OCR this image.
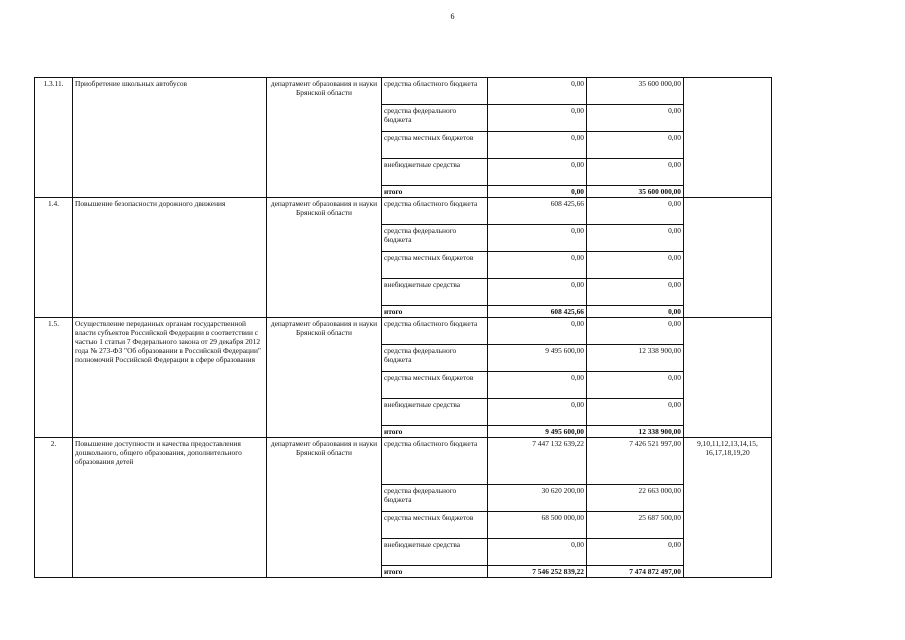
6
1.3.11.	Приобретение школьных автобусов	департамент образования и науки Брянской области	средства областного бюджета	0,00	35 600 000,00	
			средства федерального бюджета	0,00	0,00	
			средства местных бюджетов	0,00	0,00	
			внебюджетные средства	0,00	0,00	
			итого	0,00	35 600 000,00	
1.4.	Повышение безопасности дорожного движения	департамент образования и науки Брянской области	средства областного бюджета	608 425,66	0,00	
			средства федерального бюджета	0,00	0,00	
			средства местных бюджетов	0,00	0,00	
			внебюджетные средства	0,00	0,00	
			итого	608 425,66	0,00	
1.5.	Осуществление переданных органам государственной власти субъектов Российской Федерации в соответствии с частью 1 статьи 7 Федерального закона от 29 декабря 2012 года № 273-ФЗ "Об образовании в Российской Федерации" полномочий Российской Федерации в сфере образования	департамент образования и науки Брянской области	средства областного бюджета	0,00	0,00	
			средства федерального бюджета	9 495 600,00	12 338 900,00	
			средства местных бюджетов	0,00	0,00	
			внебюджетные средства	0,00	0,00	
			итого	9 495 600,00	12 338 900,00	
2.	Повышение доступности и качества предоставления дошкольного, общего образования, дополнительного образования детей	департамент образования и науки Брянской области	средства областного бюджета	7 447 132 639,22	7 426 521 997,00	9,10,11,12,13,14,15, 16,17,18,19,20
			средства федерального бюджета	30 620 200,00	22 663 000,00	
			средства местных бюджетов	68 500 000,00	25 687 500,00	
			внебюджетные средства	0,00	0,00	
			итого	7 546 252 839,22	7 474 872 497,00	
